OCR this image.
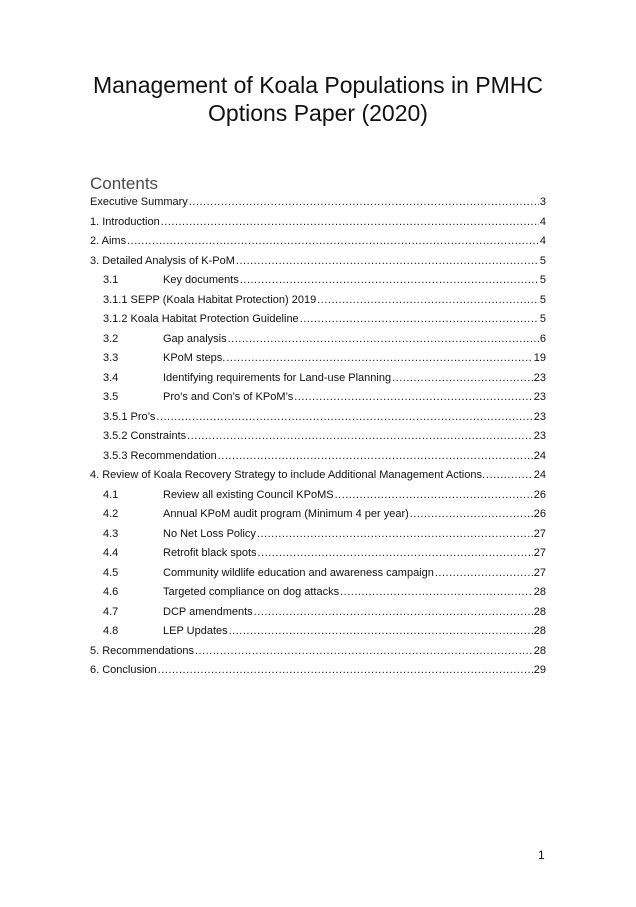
Management of Koala Populations in PMHC
Options Paper (2020)
Contents
Executive Summary .....	3
1. Introduction .....	4
2. Aims .....	4
3. Detailed Analysis of K-PoM .....	5
3.1	Key documents .....	5
3.1.1 SEPP (Koala Habitat Protection) 2019 .....	5
3.1.2 Koala Habitat Protection Guideline .....	5
3.2	Gap analysis .....	6
3.3	KPoM steps. .....	19
3.4	Identifying requirements for Land-use Planning .....	23
3.5	Pro’s and Con’s of KPoM’s .....	23
3.5.1 Pro’s .....	23
3.5.2 Constraints .....	23
3.5.3 Recommendation .....	24
4. Review of Koala Recovery Strategy to include Additional Management Actions. .....	24
4.1	Review all existing Council KPoMS .....	26
4.2	Annual KPoM audit program (Minimum 4 per year) .....	26
4.3	No Net Loss Policy .....	27
4.4	Retrofit black spots .....	27
4.5	Community wildlife education and awareness campaign .....	27
4.6	Targeted compliance on dog attacks .....	28
4.7	DCP amendments .....	28
4.8	LEP Updates .....	28
5. Recommendations .....	28
6. Conclusion .....	29

1
